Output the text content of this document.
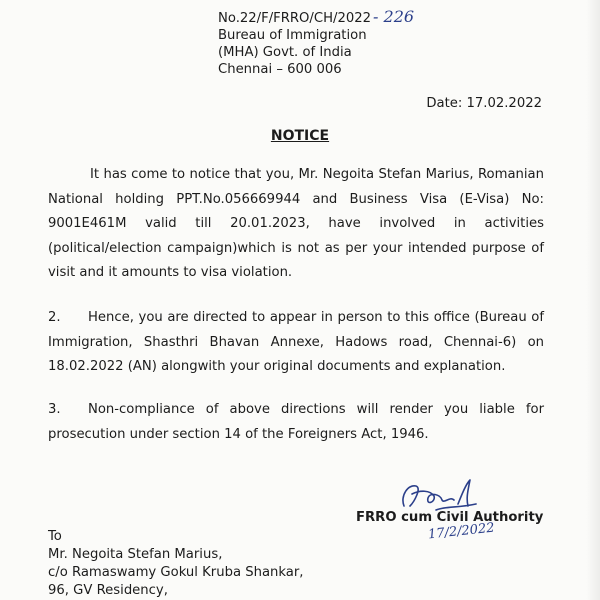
No.22/F/FRRO/CH/2022 - 226
Bureau of Immigration
(MHA) Govt. of India
Chennai – 600 006
Date: 17.02.2022
NOTICE
It has come to notice that you, Mr. Negoita Stefan Marius, Romanian National holding PPT.No.056669944 and Business Visa (E-Visa) No: 9001E461M valid till 20.01.2023, have involved in activities (political/election campaign)which is not as per your intended purpose of visit and it amounts to visa violation.
2. Hence, you are directed to appear in person to this office (Bureau of Immigration, Shasthri Bhavan Annexe, Hadows road, Chennai-6) on 18.02.2022 (AN) alongwith your original documents and explanation.
3. Non-compliance of above directions will render you liable for prosecution under section 14 of the Foreigners Act, 1946.
FRRO cum Civil Authority
17/2/2022
To
Mr. Negoita Stefan Marius,
c/o Ramaswamy Gokul Kruba Shankar,
96, GV Residency,
